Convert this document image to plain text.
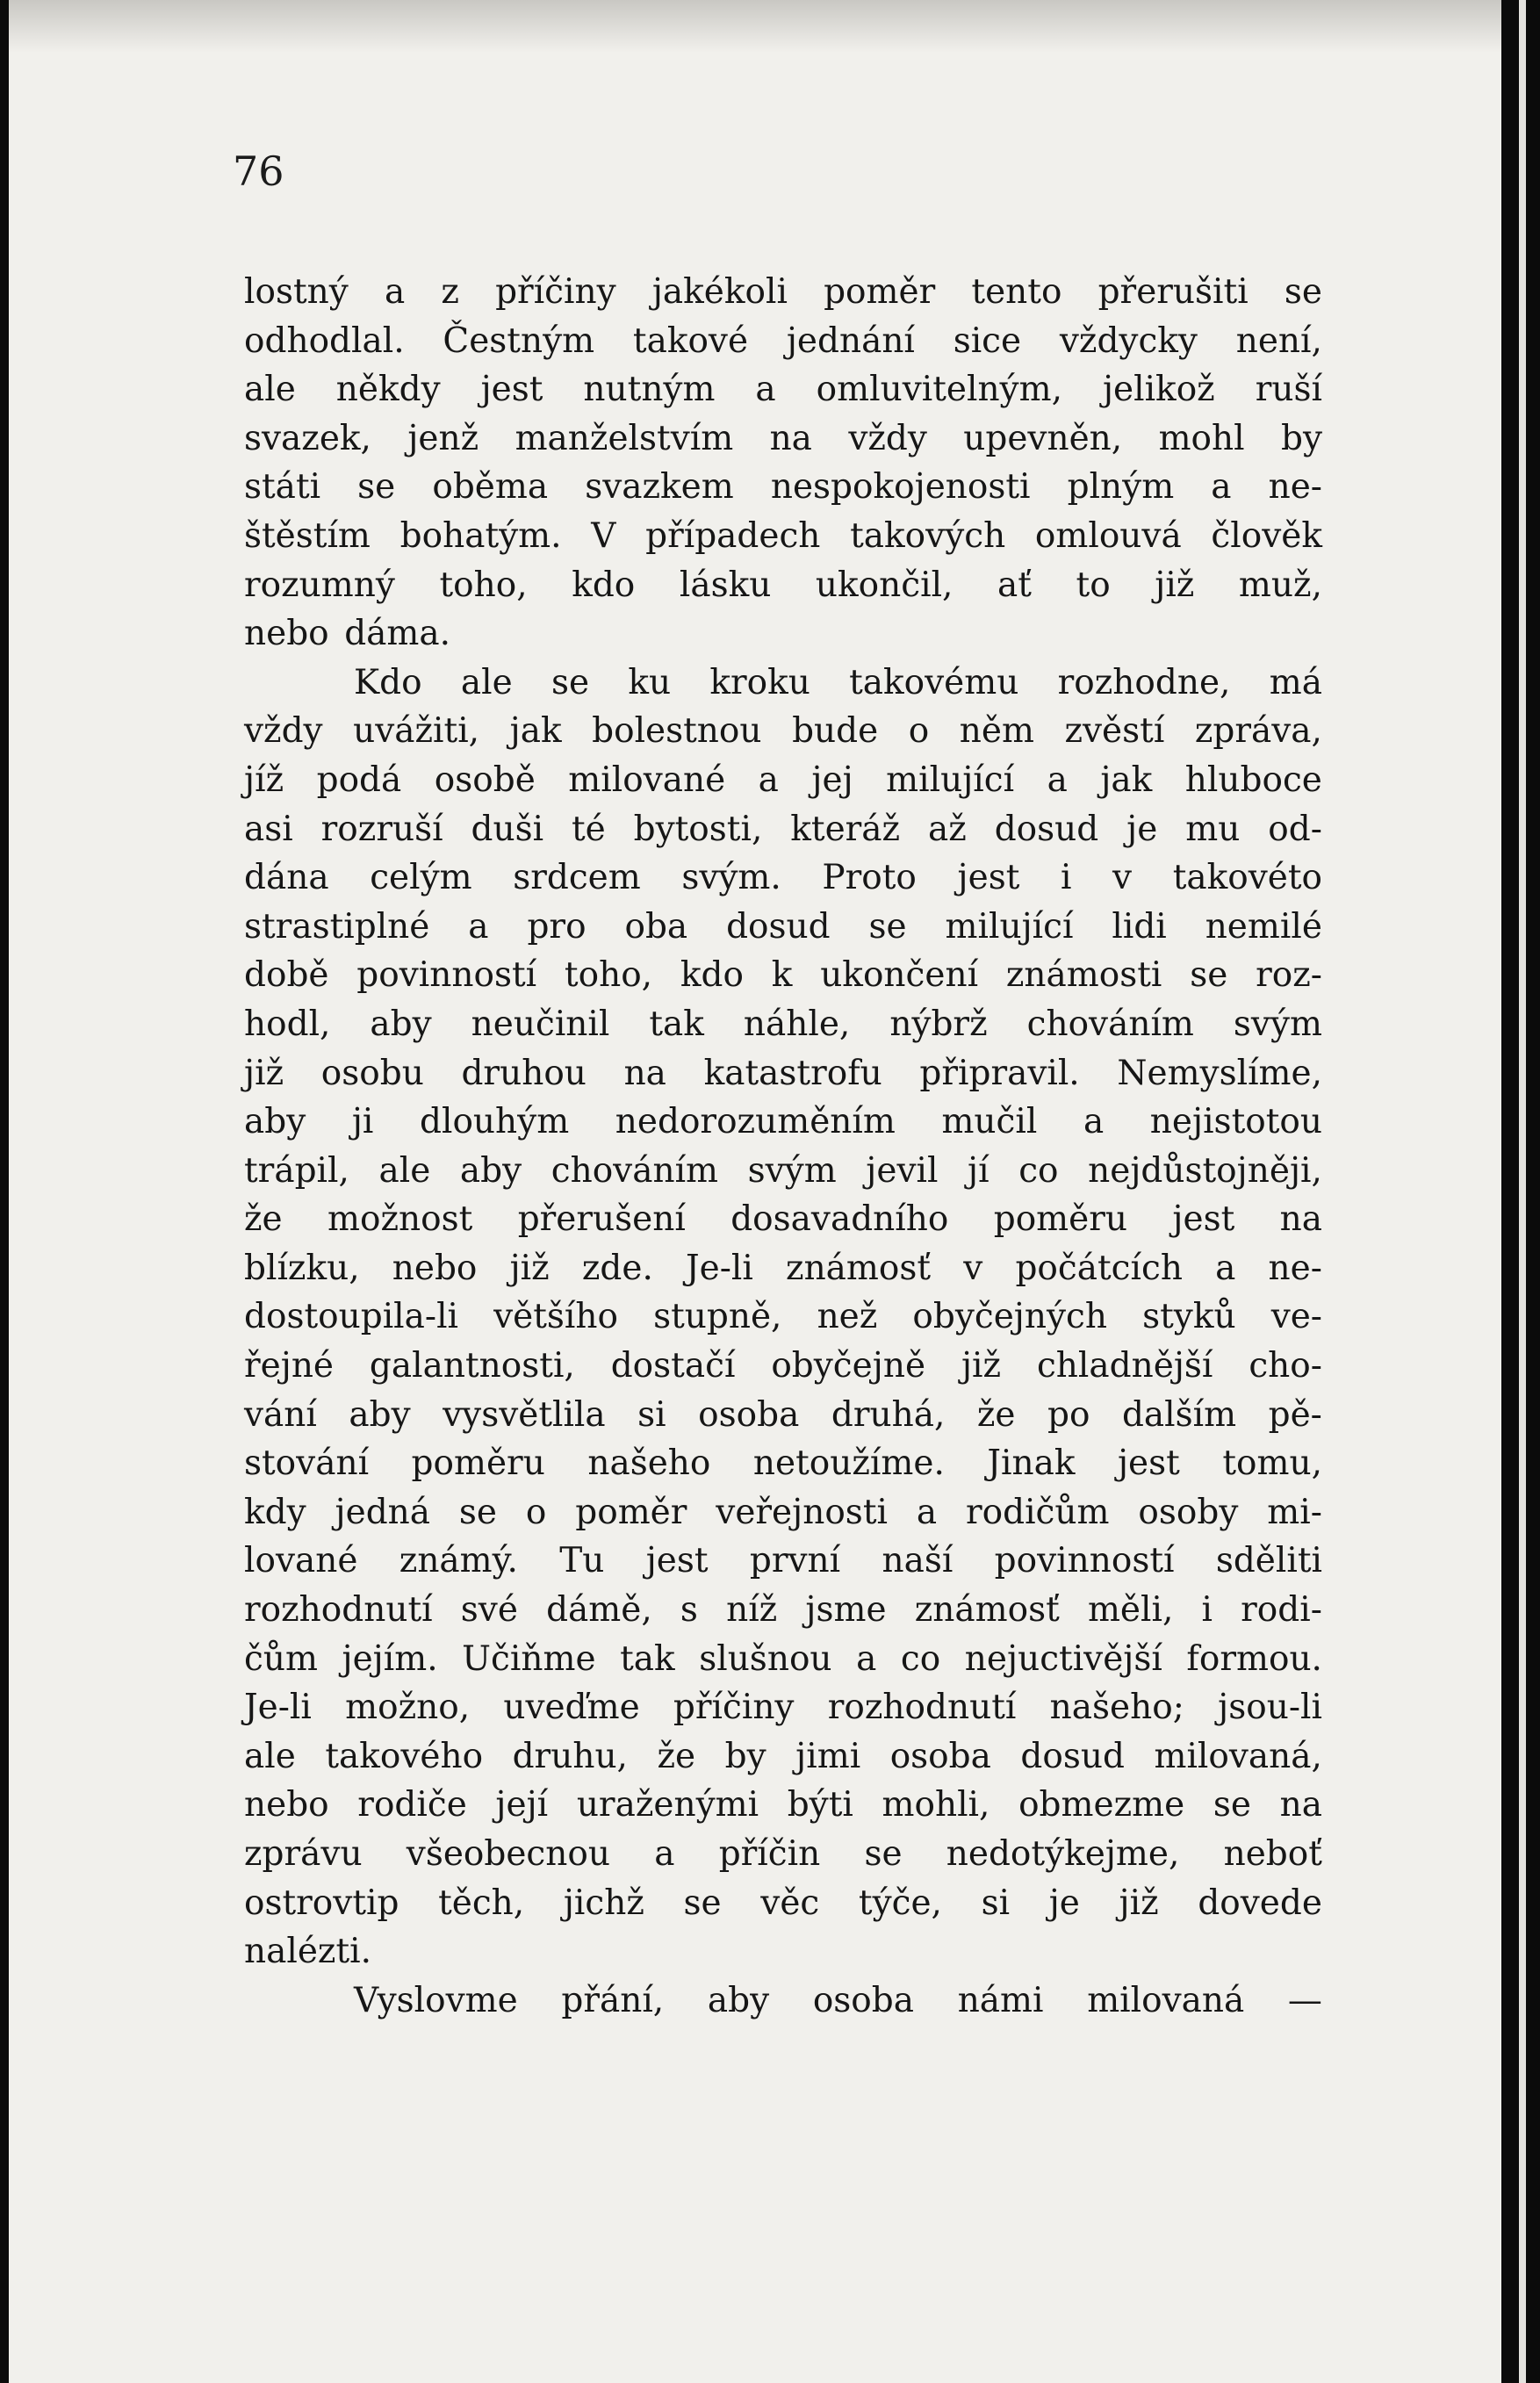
76

lostný a z příčiny jakékoli poměr tento přerušiti se
odhodlal. Čestným takové jednání sice vždycky není,
ale někdy jest nutným a omluvitelným, jelikož ruší
svazek, jenž manželstvím na vždy upevněn, mohl by
státi se oběma svazkem nespokojenosti plným a ne-
štěstím bohatým. V případech takových omlouvá člověk
rozumný toho, kdo lásku ukončil, ať to již muž,
nebo dáma.
Kdo ale se ku kroku takovému rozhodne, má
vždy uvážiti, jak bolestnou bude o něm zvěstí zpráva,
jíž podá osobě milované a jej milující a jak hluboce
asi rozruší duši té bytosti, kteráž až dosud je mu od-
dána celým srdcem svým. Proto jest i v takovéto
strastiplné a pro oba dosud se milující lidi nemilé
době povinností toho, kdo k ukončení známosti se roz-
hodl, aby neučinil tak náhle, nýbrž chováním svým
již osobu druhou na katastrofu připravil. Nemyslíme,
aby ji dlouhým nedorozuměním mučil a nejistotou
trápil, ale aby chováním svým jevil jí co nejdůstojněji,
že možnost přerušení dosavadního poměru jest na
blízku, nebo již zde. Je-li známosť v počátcích a ne-
dostoupila-li většího stupně, než obyčejných styků ve-
řejné galantnosti, dostačí obyčejně již chladnější cho-
vání aby vysvětlila si osoba druhá, že po dalším pě-
stování poměru našeho netoužíme. Jinak jest tomu,
kdy jedná se o poměr veřejnosti a rodičům osoby mi-
lované známý. Tu jest první naší povinností sděliti
rozhodnutí své dámě, s níž jsme známosť měli, i rodi-
čům jejím. Učiňme tak slušnou a co nejuctivější formou.
Je-li možno, uveďme příčiny rozhodnutí našeho; jsou-li
ale takového druhu, že by jimi osoba dosud milovaná,
nebo rodiče její uraženými býti mohli, obmezme se na
zprávu všeobecnou a příčin se nedotýkejme, neboť
ostrovtip těch, jichž se věc týče, si je již dovede
nalézti.
Vyslovme přání, aby osoba námi milovaná —
